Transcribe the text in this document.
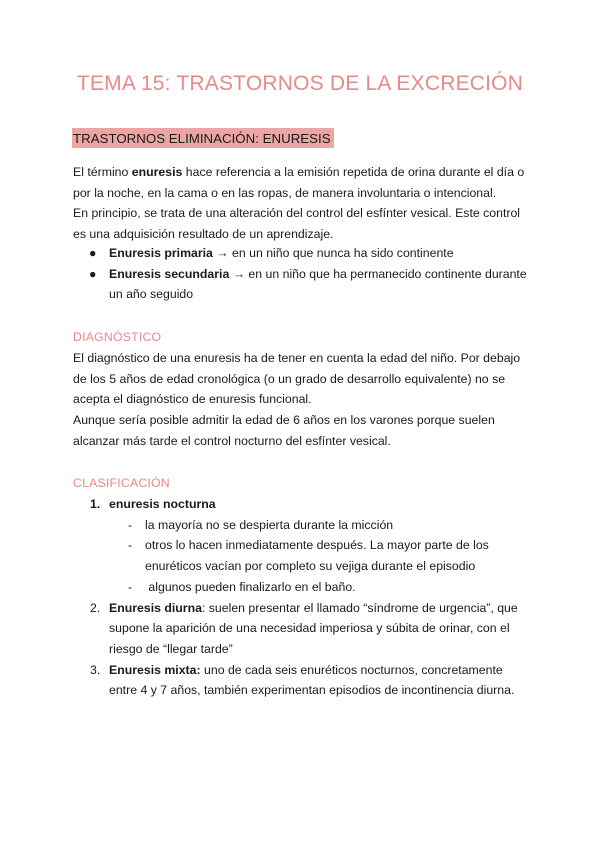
TEMA 15: TRASTORNOS DE LA EXCRECIÓN
TRASTORNOS ELIMINACIÓN: ENURESIS

El término enuresis hace referencia a la emisión repetida de orina durante el día o por la noche, en la cama o en las ropas, de manera involuntaria o intencional.

En principio, se trata de una alteración del control del esfínter vesical. Este control es una adquisición resultado de un aprendizaje.

● Enuresis primaria → en un niño que nunca ha sido continente
● Enuresis secundaria → en un niño que ha permanecido continente durante un año seguido
DIAGNÓSTICO

El diagnóstico de una enuresis ha de tener en cuenta la edad del niño. Por debajo de los 5 años de edad cronológica (o un grado de desarrollo equivalente) no se acepta el diagnóstico de enuresis funcional.

Aunque sería posible admitir la edad de 6 años en los varones porque suelen alcanzar más tarde el control nocturno del esfínter vesical.

CLASIFICACIÓN
1. enuresis nocturna
- la mayoría no se despierta durante la micción
- otros lo hacen inmediatamente después. La mayor parte de los enuréticos vacían por completo su vejiga durante el episodio
- algunos pueden finalizarlo en el baño.
2. Enuresis diurna: suelen presentar el llamado “síndrome de urgencia”, que supone la aparición de una necesidad imperiosa y súbita de orinar, con el riesgo de “llegar tarde”
3. Enuresis mixta: uno de cada seis enuréticos nocturnos, concretamente entre 4 y 7 años, también experimentan episodios de incontinencia diurna.
